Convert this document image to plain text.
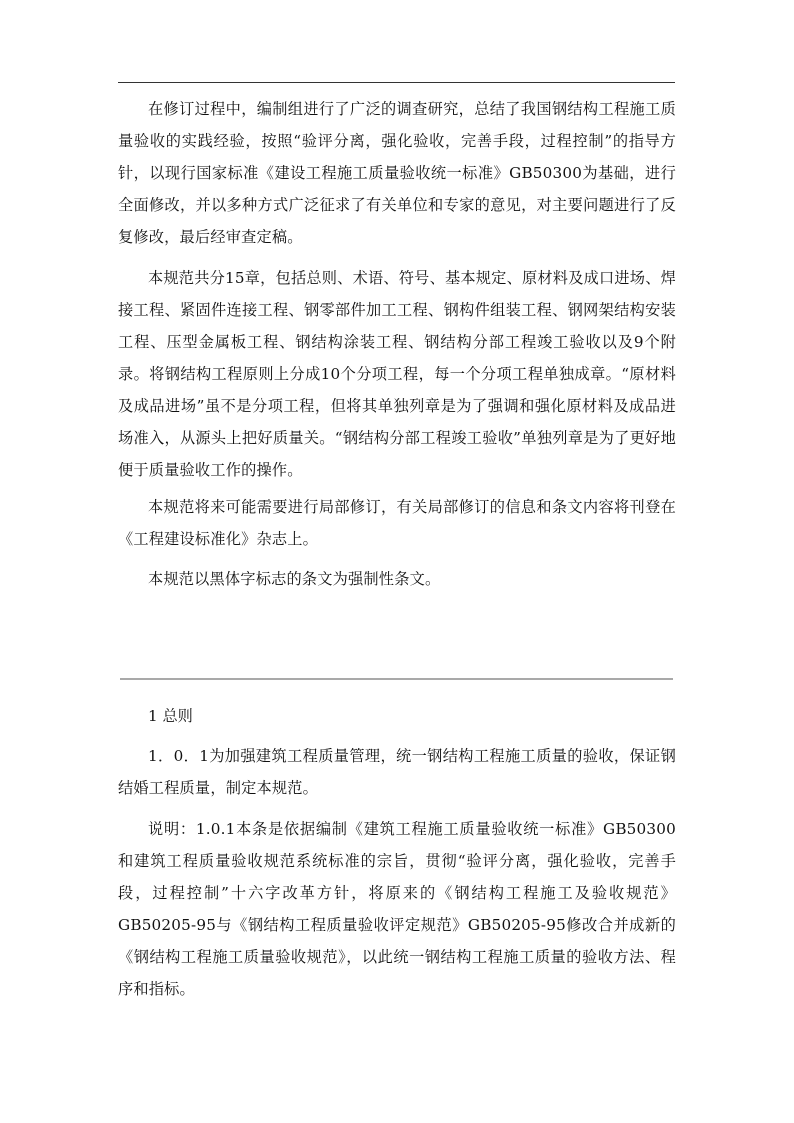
在修订过程中，编制组进行了广泛的调查研究，总结了我国钢结构工程施工质量验收的实践经验，按照“验评分离，强化验收，完善手段，过程控制”的指导方针，以现行国家标准《建设工程施工质量验收统一标准》GB50300为基础，进行全面修改，并以多种方式广泛征求了有关单位和专家的意见，对主要问题进行了反复修改，最后经审查定稿。

本规范共分15章，包括总则、术语、符号、基本规定、原材料及成口进场、焊接工程、紧固件连接工程、钢零部件加工工程、钢构件组装工程、钢网架结构安装工程、压型金属板工程、钢结构涂装工程、钢结构分部工程竣工验收以及9个附录。将钢结构工程原则上分成10个分项工程，每一个分项工程单独成章。“原材料及成品进场”虽不是分项工程，但将其单独列章是为了强调和强化原材料及成品进场准入，从源头上把好质量关。“钢结构分部工程竣工验收”单独列章是为了更好地便于质量验收工作的操作。

本规范将来可能需要进行局部修订，有关局部修订的信息和条文内容将刊登在《工程建设标准化》杂志上。

本规范以黑体字标志的条文为强制性条文。

1 总则

1．0．1为加强建筑工程质量管理，统一钢结构工程施工质量的验收，保证钢结婚工程质量，制定本规范。

说明：1.0.1本条是依据编制《建筑工程施工质量验收统一标准》GB50300和建筑工程质量验收规范系统标准的宗旨，贯彻“验评分离，强化验收，完善手段，过程控制”十六字改革方针，将原来的《钢结构工程施工及验收规范》GB50205-95与《钢结构工程质量验收评定规范》GB50205-95修改合并成新的《钢结构工程施工质量验收规范》，以此统一钢结构工程施工质量的验收方法、程序和指标。
